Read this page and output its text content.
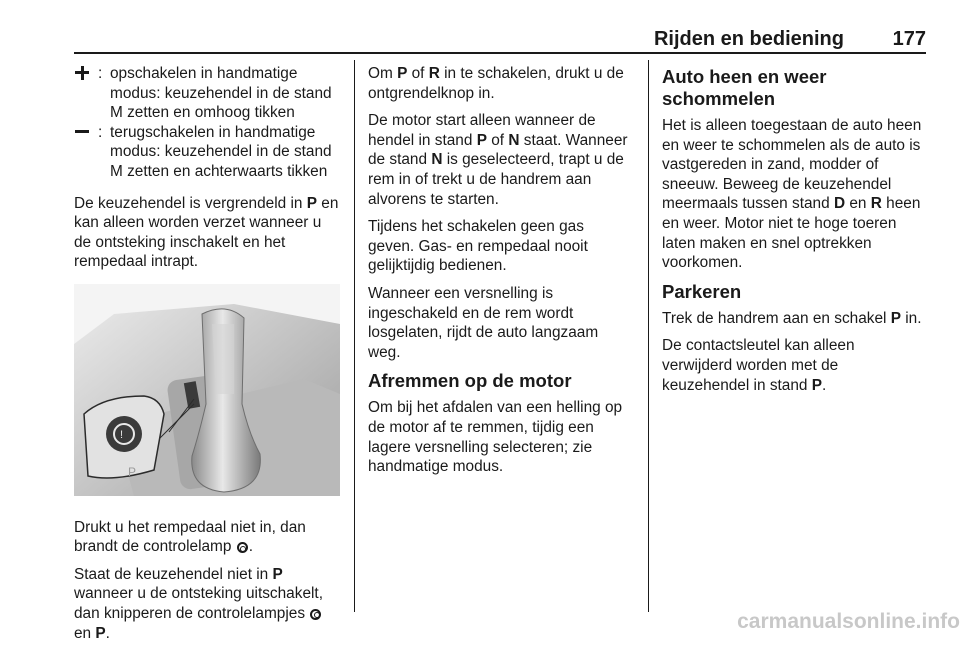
Rijden en bediening	177
: opschakelen in handmatige modus: keuzehendel in de stand M zetten en omhoog tikken
: terugschakelen in handmatige modus: keuzehendel in de stand M zetten en achterwaarts tikken

De keuzehendel is vergrendeld in P en kan alleen worden verzet wanneer u de ontsteking inschakelt en het rempedaal intrapt.

!
P

Drukt u het rempedaal niet in, dan brandt de controlelamp .

Staat de keuzehendel niet in P wanneer u de ontsteking uitschakelt, dan knipperen de controlelampjes  en P.

Om P of R in te schakelen, drukt u de ontgrendelknop in.

De motor start alleen wanneer de hendel in stand P of N staat. Wanneer de stand N is geselecteerd, trapt u de rem in of trekt u de handrem aan alvorens te starten.

Tijdens het schakelen geen gas geven. Gas- en rempedaal nooit gelijktijdig bedienen.

Wanneer een versnelling is ingeschakeld en de rem wordt losgelaten, rijdt de auto langzaam weg.

Afremmen op de motor

Om bij het afdalen van een helling op de motor af te remmen, tijdig een lagere versnelling selecteren; zie handmatige modus.

Auto heen en weer schommelen

Het is alleen toegestaan de auto heen en weer te schommelen als de auto is vastgereden in zand, modder of sneeuw. Beweeg de keuzehendel meermaals tussen stand D en R heen en weer. Motor niet te hoge toeren laten maken en snel optrekken voorkomen.

Parkeren

Trek de handrem aan en schakel P in.

De contactsleutel kan alleen verwijderd worden met de keuzehendel in stand P.

carmanualsonline.info
